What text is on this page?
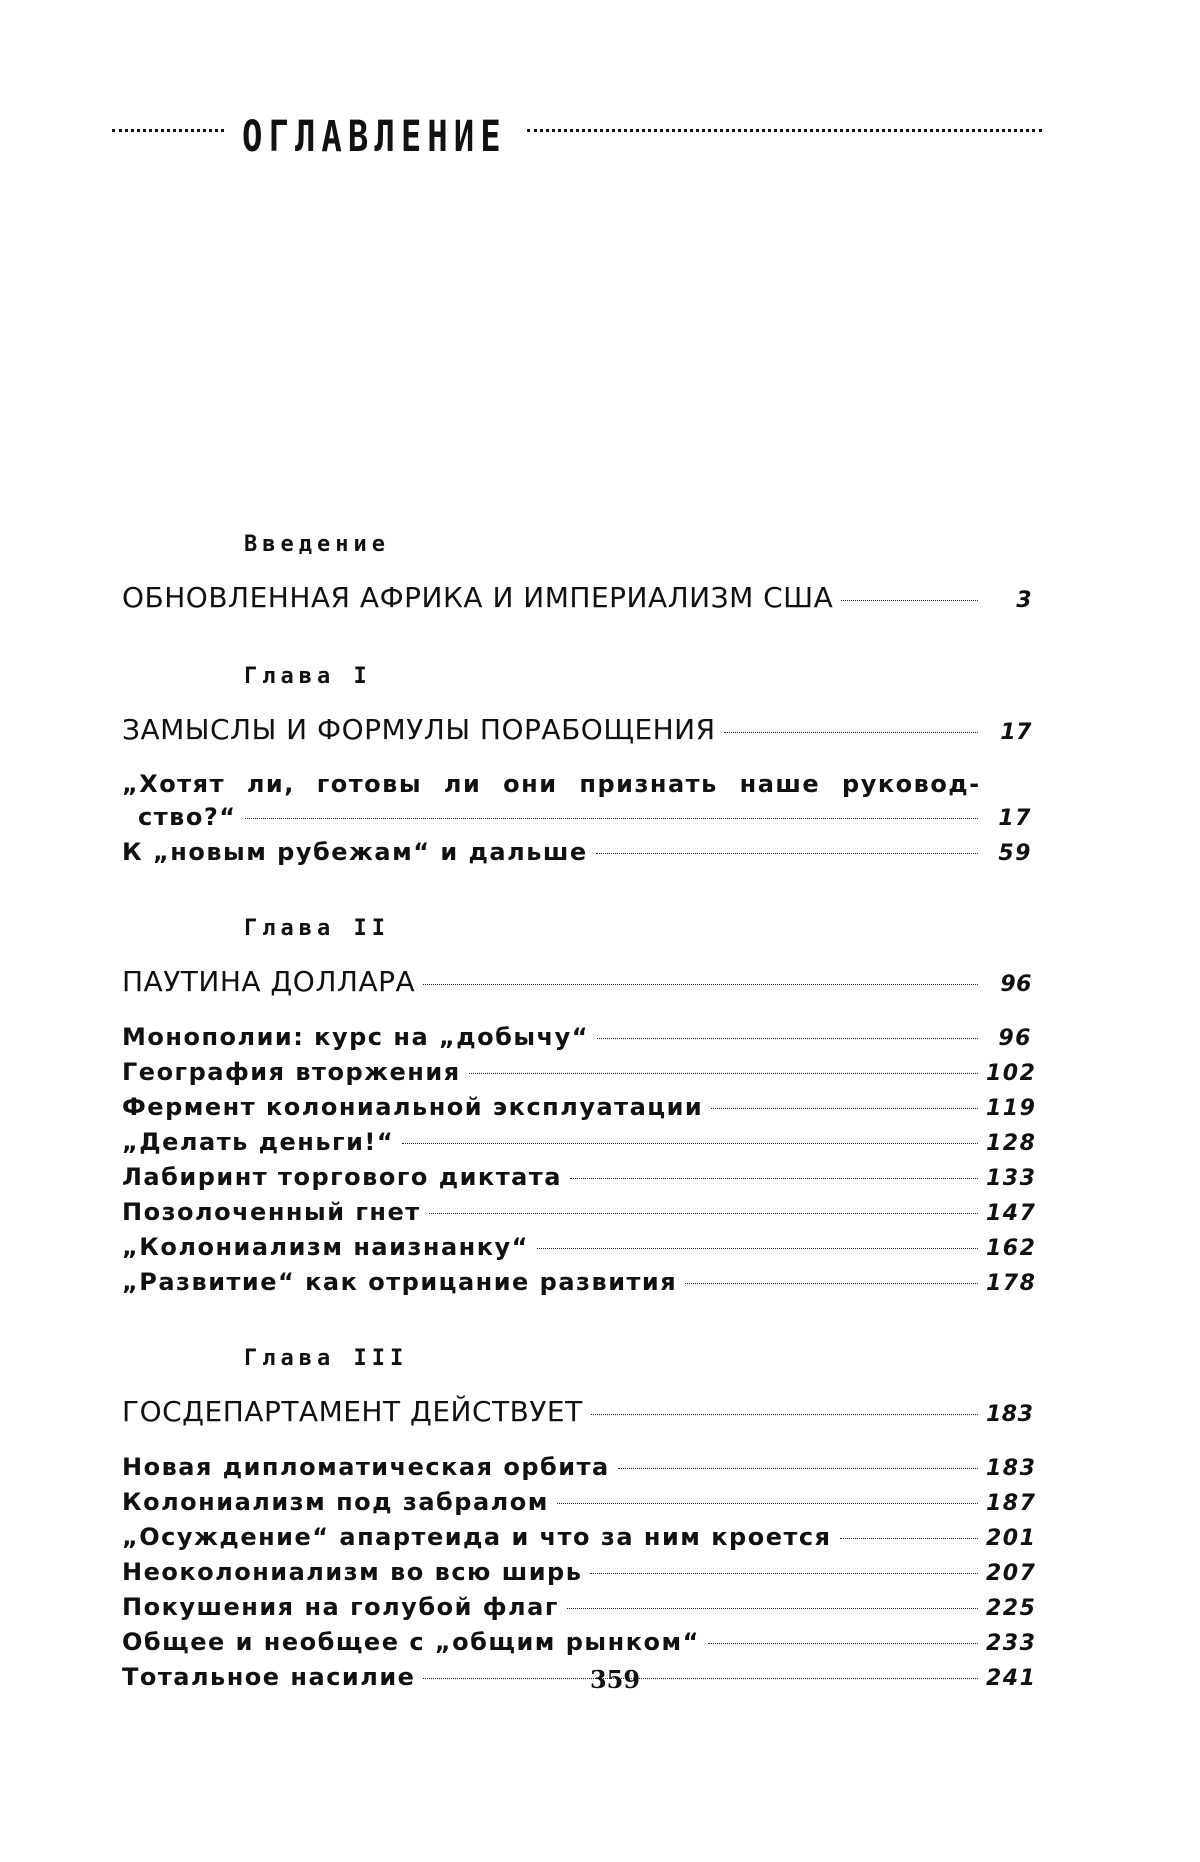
ОГЛАВЛЕНИЕ
Введение
ОБНОВЛЕННАЯ АФРИКА И ИМПЕРИАЛИЗМ США	3
Глава I
ЗАМЫСЛЫ И ФОРМУЛЫ ПОРАБОЩЕНИЯ	17
„Хотят ли, готовы ли они признать наше руковод-
ство?“	17
К „новым рубежам“ и дальше	59
Глава II
ПАУТИНА ДОЛЛАРА	96
Монополии: курс на „добычу“	96
География вторжения	102
Фермент колониальной эксплуатации	119
„Делать деньги!“	128
Лабиринт торгового диктата	133
Позолоченный гнет	147
„Колониализм наизнанку“	162
„Развитие“ как отрицание развития	178
Глава III
ГОСДЕПАРТАМЕНТ ДЕЙСТВУЕТ	183
Новая дипломатическая орбита	183
Колониализм под забралом	187
„Осуждение“ апартеида и что за ним кроется	201
Неоколониализм во всю ширь	207
Покушения на голубой флаг	225
Общее и необщее с „общим рынком“	233
Тотальное насилие	241
359
